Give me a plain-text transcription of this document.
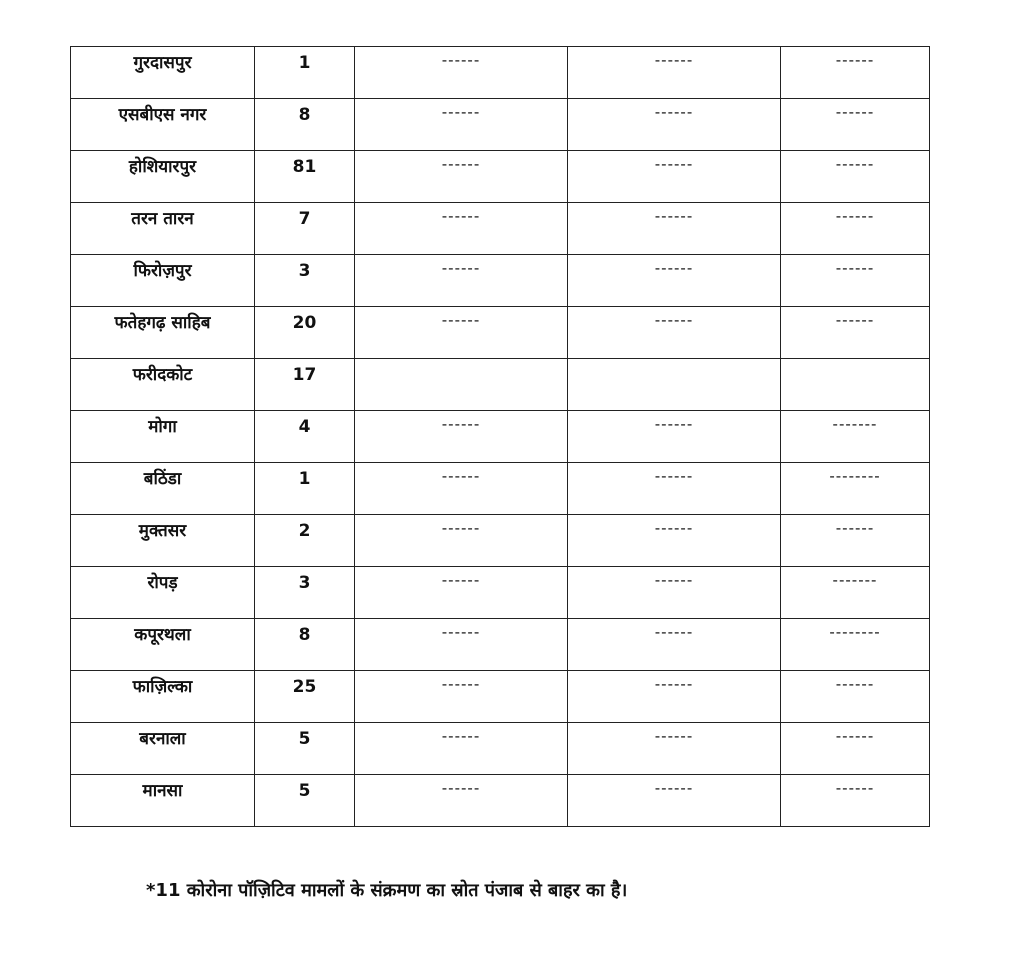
गुरदासपुर	1	------	------	------

एसबीएस नगर	8	------	------	------

होशियारपुर	81	------	------	------

तरन तारन	7	------	------	------

फिरोज़पुर	3	------	------	------

फतेहगढ़ साहिब	20	------	------	------

फरीदकोट	17			

मोगा	4	------	------	-------

बठिंडा	1	------	------	--------

मुक्तसर	2	------	------	------

रोपड़	3	------	------	-------

कपूरथला	8	------	------	--------

फाज़िल्का	25	------	------	------

बरनाला	5	------	------	------

मानसा	5	------	------	------
*11 कोरोना पॉज़िटिव मामलों के संक्रमण का स्रोत पंजाब से बाहर का है।
